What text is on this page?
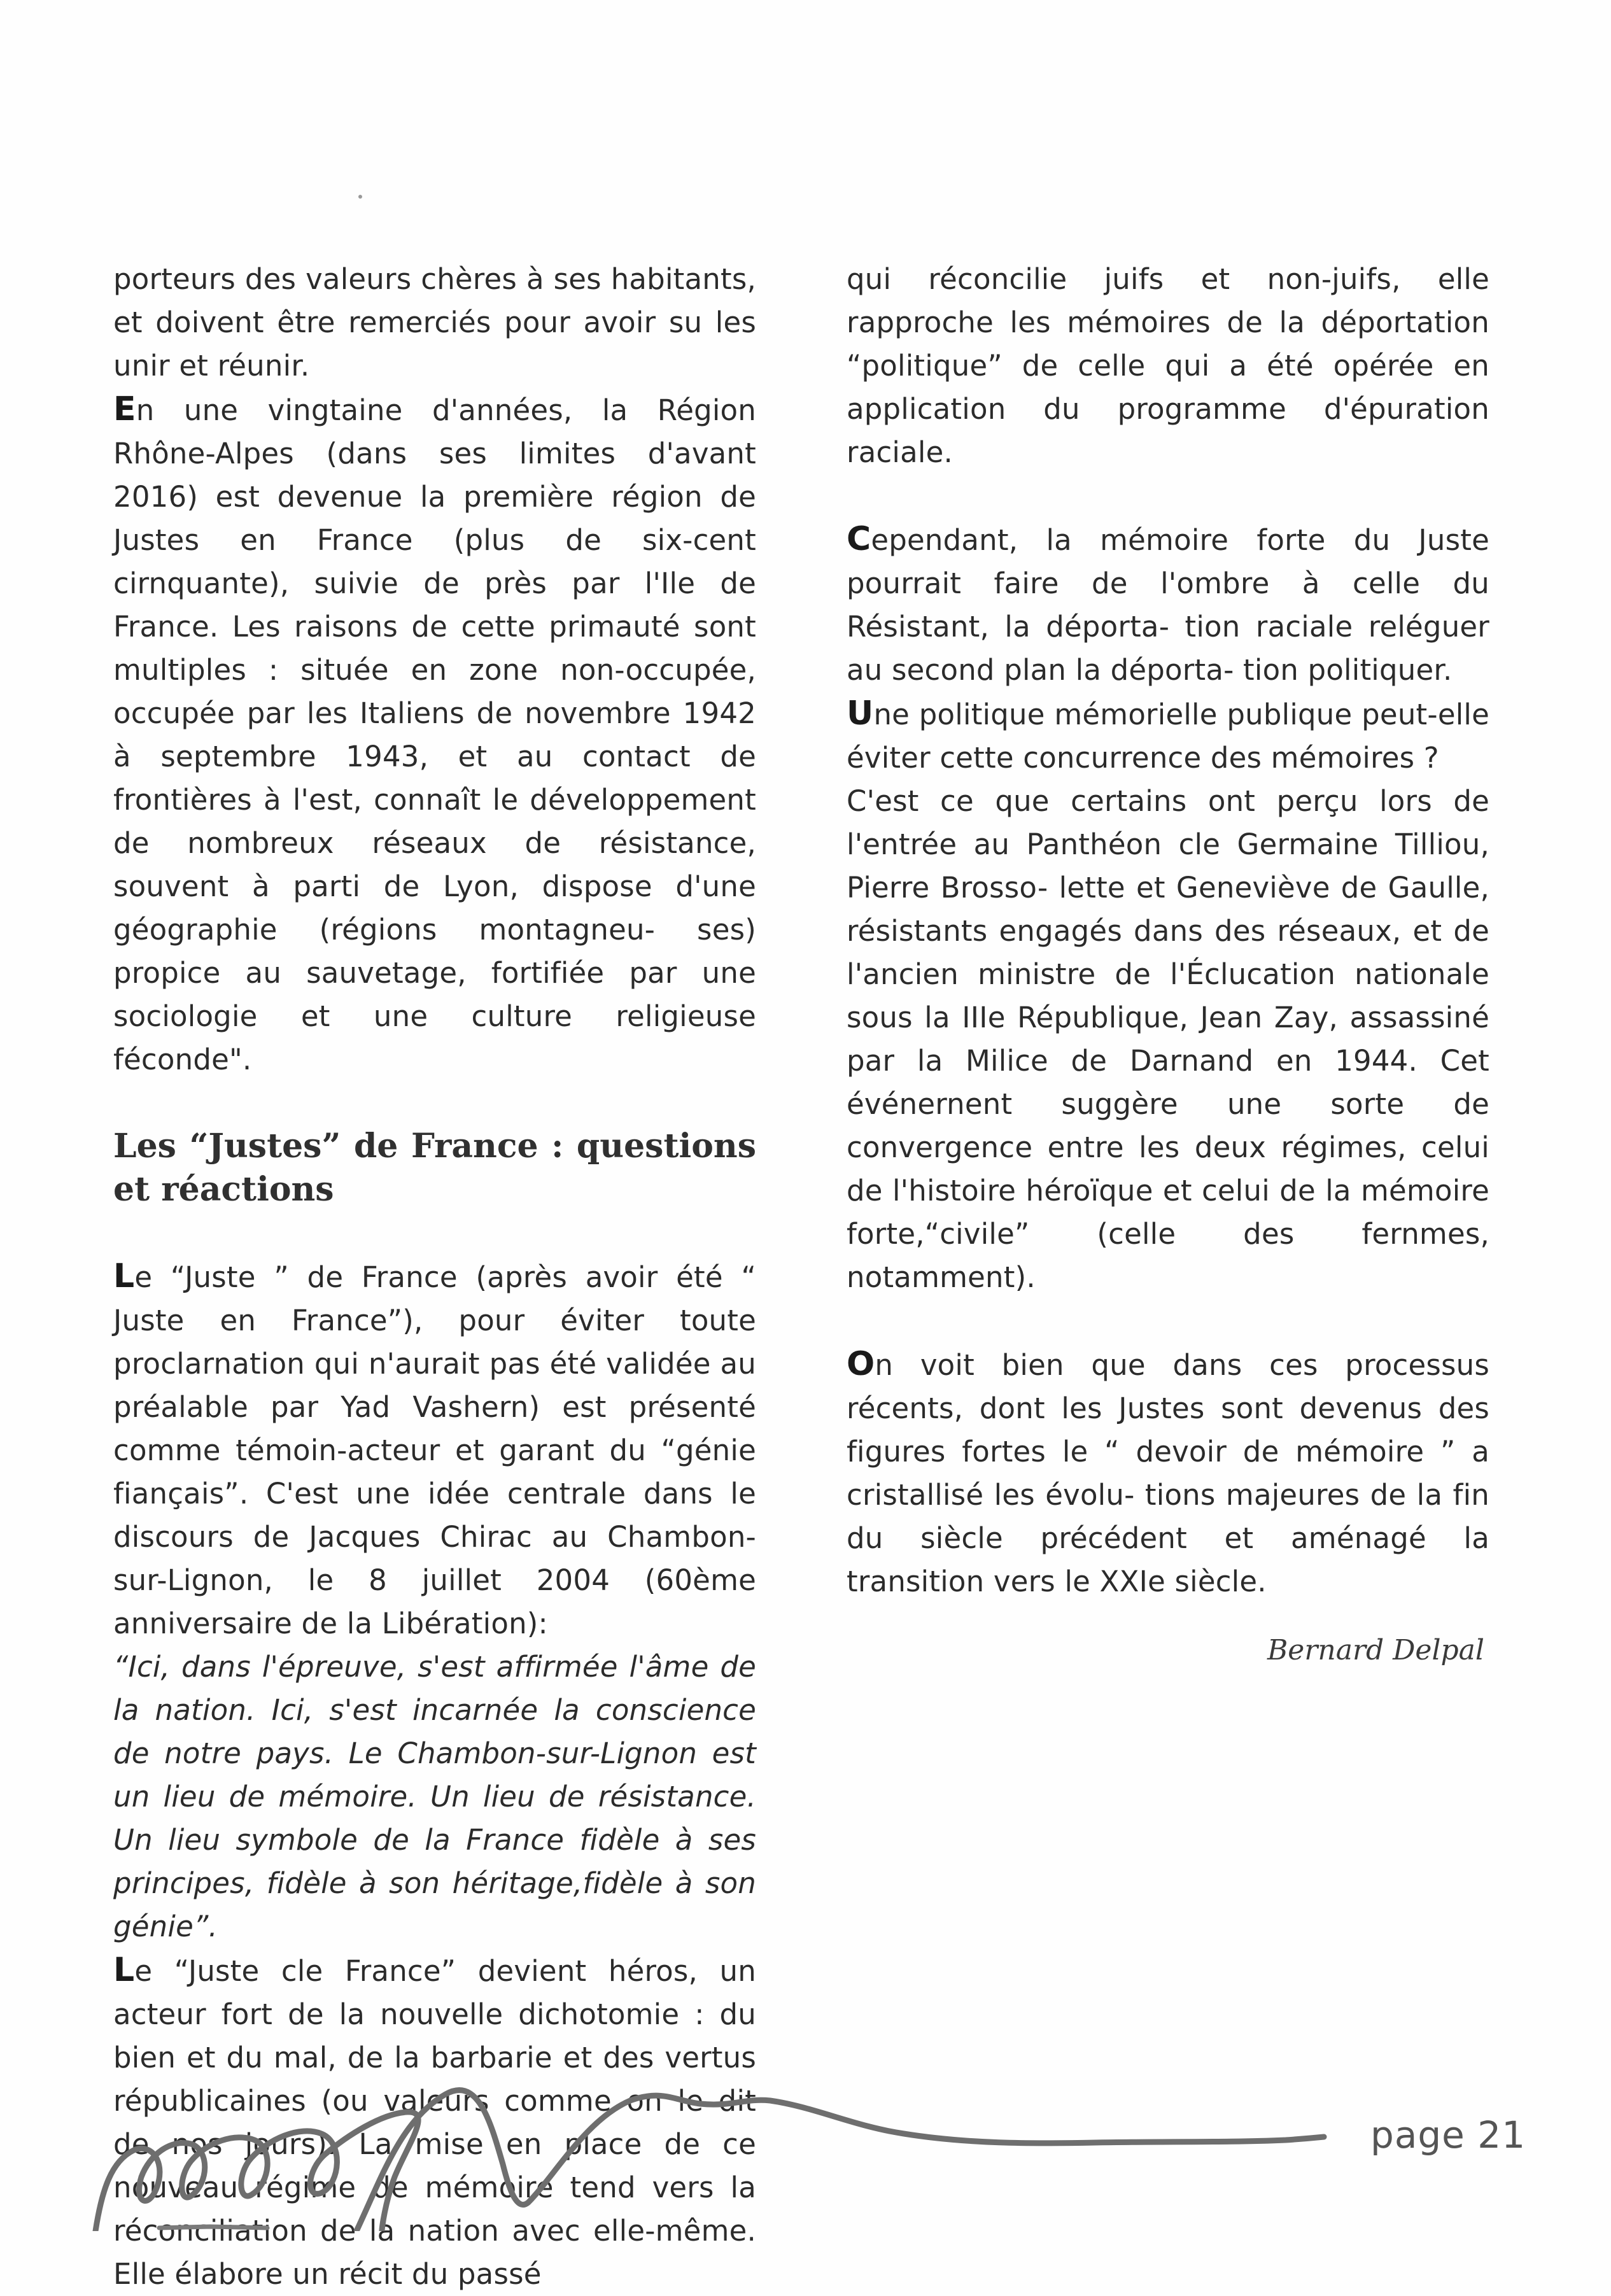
porteurs des valeurs chères à ses habitants, et doivent être remerciés pour avoir su les unir et réunir.

En une vingtaine d'années, la Région Rhône-Alpes (dans ses limites d'avant 2016) est devenue la première région de Justes en France (plus de six-cent cirnquante), suivie de près par l'Ile de France. Les raisons de cette primauté sont multiples : située en zone non-occupée, occupée par les Italiens de novembre 1942 à septembre 1943, et au contact de frontières à l'est, connaît le développement de nombreux réseaux de résistance, souvent à parti de Lyon, dispose d'une géographie (régions montagneu- ses) propice au sauvetage, fortifiée par une sociologie et une culture religieuse féconde".

Les “Justes” de France : questions et réactions

Le “Juste ” de France (après avoir été “ Juste en France”), pour éviter toute proclarnation qui n'aurait pas été validée au préalable par Yad Vashern) est présenté comme témoin-acteur et garant du “génie fiançais”. C'est une idée centrale dans le discours de Jacques Chirac au Chambon-sur-Lignon, le 8 juillet 2004 (60ème anniversaire de la Libération):

“Ici, dans l'épreuve, s'est affirmée l'âme de la nation. Ici, s'est incarnée la conscience de notre pays. Le Chambon-sur-Lignon est un lieu de mémoire. Un lieu de résistance. Un lieu symbole de la France fidèle à ses principes, fidèle à son héritage,fidèle à son génie”.

Le “Juste cle France” devient héros, un acteur fort de la nouvelle dichotomie : du bien et du mal, de la barbarie et des vertus républicaines (ou valeurs comme on le dit de nos jours). La mise en place de ce nouveau régime de mémoire tend vers la réconciliation de la nation avec elle-même. Elle élabore un récit du passé

qui réconcilie juifs et non-juifs, elle rapproche les mémoires de la déportation “politique” de celle qui a été opérée en application du programme d'épuration raciale.

Cependant, la mémoire forte du Juste pourrait faire de l'ombre à celle du Résistant, la déporta- tion raciale reléguer au second plan la déporta- tion politiquer.

Une politique mémorielle publique peut-elle éviter cette concurrence des mémoires ?

C'est ce que certains ont perçu lors de l'entrée au Panthéon cle Germaine Tilliou, Pierre Brosso- lette et Geneviève de Gaulle, résistants engagés dans des réseaux, et de l'ancien ministre de l'Éclucation nationale sous la IIIe République, Jean Zay, assassiné par la Milice de Darnand en 1944. Cet événernent suggère une sorte de convergence entre les deux régimes, celui de l'histoire héroïque et celui de la mémoire forte,“civile” (celle des fernmes, notamment).

On voit bien que dans ces processus récents, dont les Justes sont devenus des figures fortes le “ devoir de mémoire ” a cristallisé les évolu- tions majeures de la fin du siècle précédent et aménagé la transition vers le XXIe siècle.

Bernard Delpal

page 21
